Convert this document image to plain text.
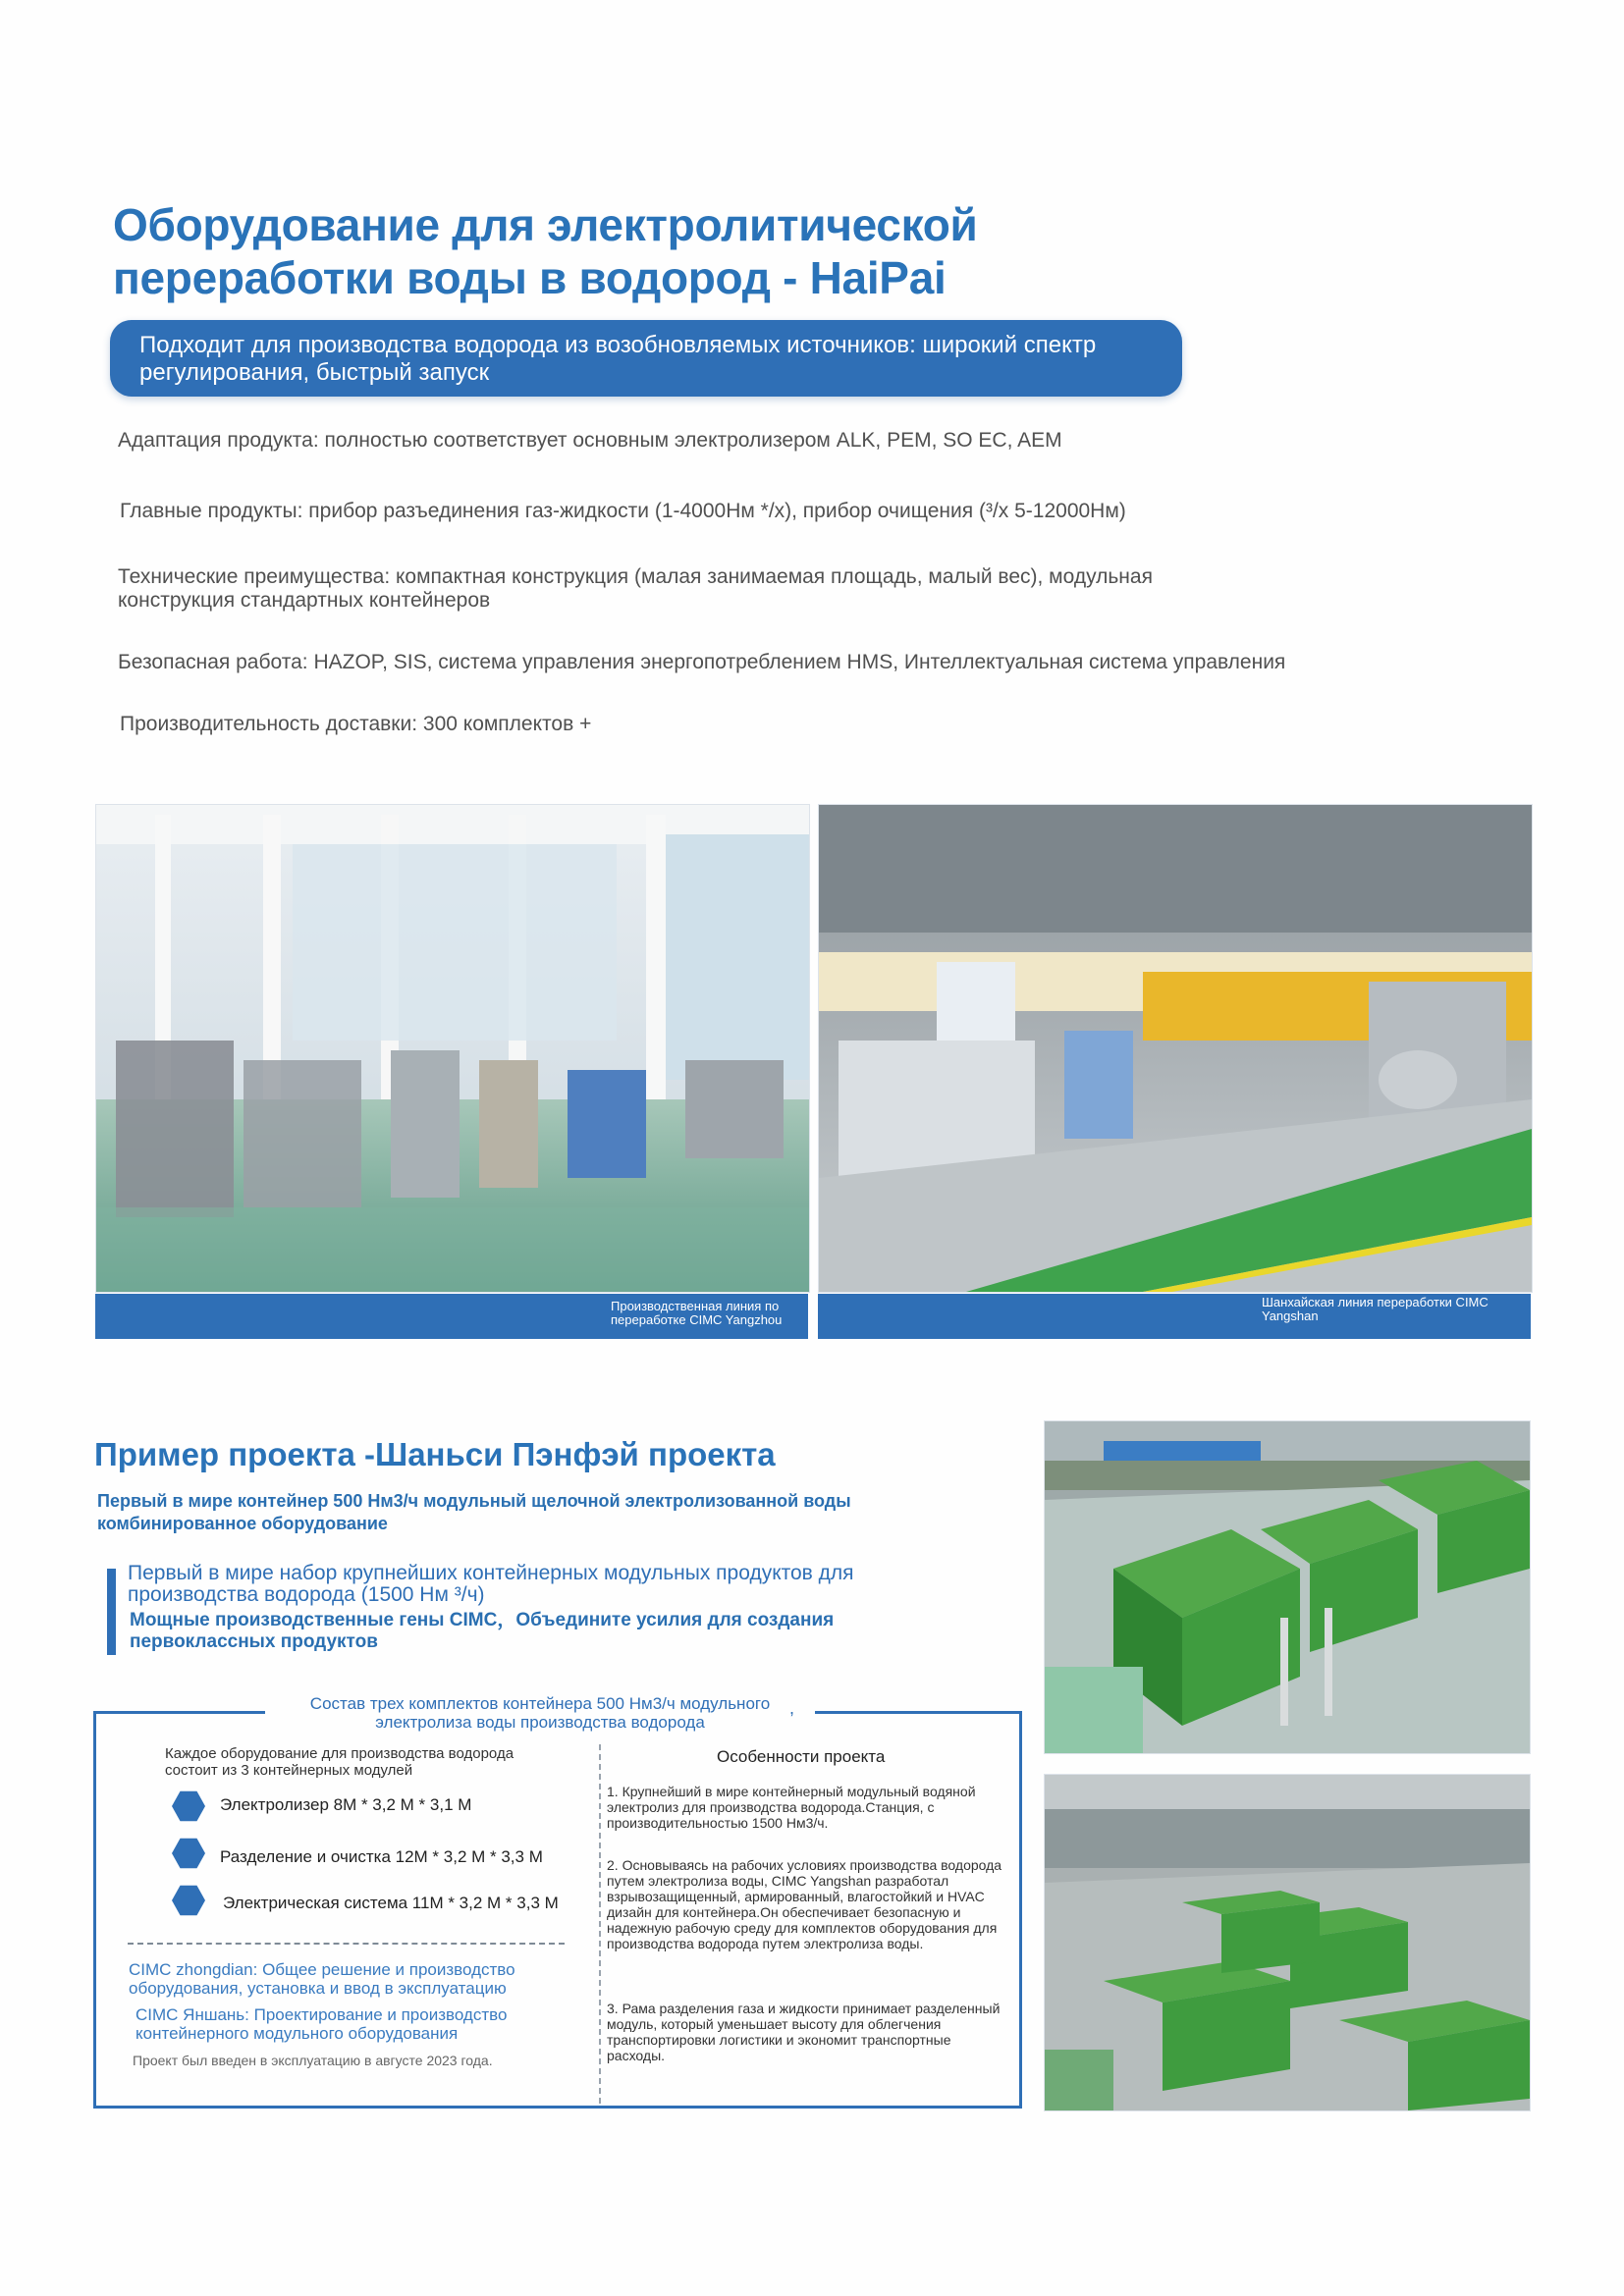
Оборудование для электролитической
переработки воды в водород - HaiPai
Подходит для производства водорода из возобновляемых источников: широкий спектр регулирования, быстрый запуск
Адаптация продукта: полностью соответствует основным электролизером ALK, PEM, SO EC, AEM
Главные продукты: прибор разъединения газ-жидкости (1-4000Нм */х), прибор очищения (³/х 5-12000Нм)
Технические преимущества: компактная конструкция (малая занимаемая площадь, малый вес), модульная конструкция стандартных контейнеров
Безопасная работа: HAZOP, SIS, система управления энергопотреблением HMS, Интеллектуальная система управления
Производительность доставки: 300 комплектов +
Производственная линия по переработке CIMC Yangzhou
Шанхайская линия переработки CIMC Yangshan
Пример проекта -Шаньси Пэнфэй проекта
Первый в мире контейнер 500 Нм3/ч модульный щелочной электролизованной воды комбинированное оборудование
Первый в мире набор крупнейших контейнерных модульных продуктов для производства водорода (1500 Нм ³/ч)
Мощные производственные гены CIMC，Объедините усилия для создания первоклассных продуктов
Состав трех комплектов контейнера 500 Нм3/ч модульного электролиза воды производства водорода
,
Каждое оборудование для производства водорода состоит из 3 контейнерных модулей
Электролизер 8М * 3,2 М * 3,1 М
Разделение и очистка 12М * 3,2 М * 3,3 М
Электрическая система 11М * 3,2 М * 3,3 М
CIMC zhongdian: Общее решение и производство оборудования, установка и ввод в эксплуатацию
CIMC Яншань: Проектирование и производство контейнерного модульного оборудования
Проект был введен в эксплуатацию в августе 2023 года.
Особенности проекта
1. Крупнейший в мире контейнерный модульный водяной электролиз для производства водорода.Станция, с производительностью 1500 Нм3/ч.
2. Основываясь на рабочих условиях производства водорода путем электролиза воды, CIMC Yangshan разработал взрывозащищенный, армированный, влагостойкий и HVAC дизайн для контейнера.Он обеспечивает безопасную и надежную рабочую среду для комплектов оборудования для производства водорода путем электролиза воды.
3. Рама разделения газа и жидкости принимает разделенный модуль, который уменьшает высоту для облегчения транспортировки логистики и экономит транспортные расходы.
